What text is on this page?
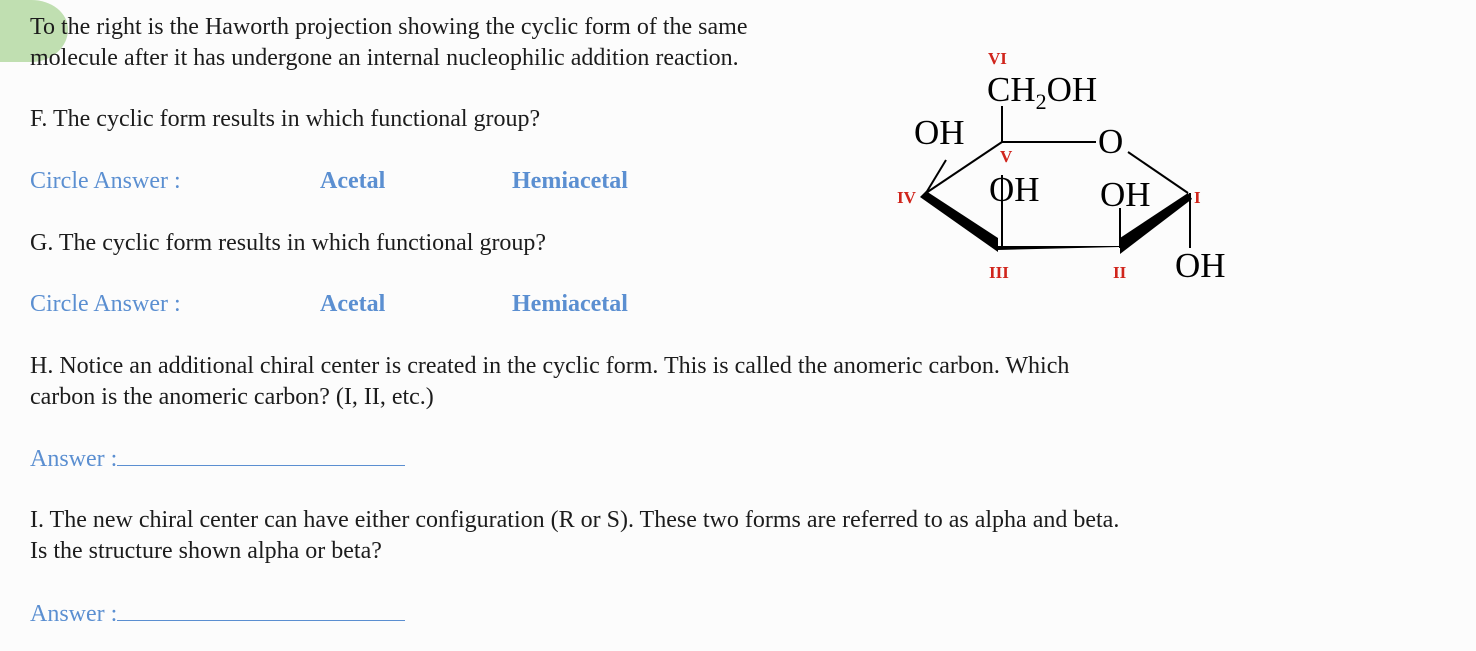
To the right is the Haworth projection showing the cyclic form of the same
molecule after it has undergone an internal nucleophilic addition reaction.
F. The cyclic form results in which functional group?
Circle Answer :	Acetal	Hemiacetal
G. The cyclic form results in which functional group?
Circle Answer :	Acetal	Hemiacetal
H. Notice an additional chiral center is created in the cyclic form. This is called the anomeric carbon. Which
carbon is the anomeric carbon? (I, II, etc.)
Answer :
I. The new chiral center can have either configuration (R or S). These two forms are referred to as alpha and beta.
Is the structure shown alpha or beta?
Answer :
$CH_2OH$
OH	O
OH OH
OH
VI
V
IV
III	II
I
